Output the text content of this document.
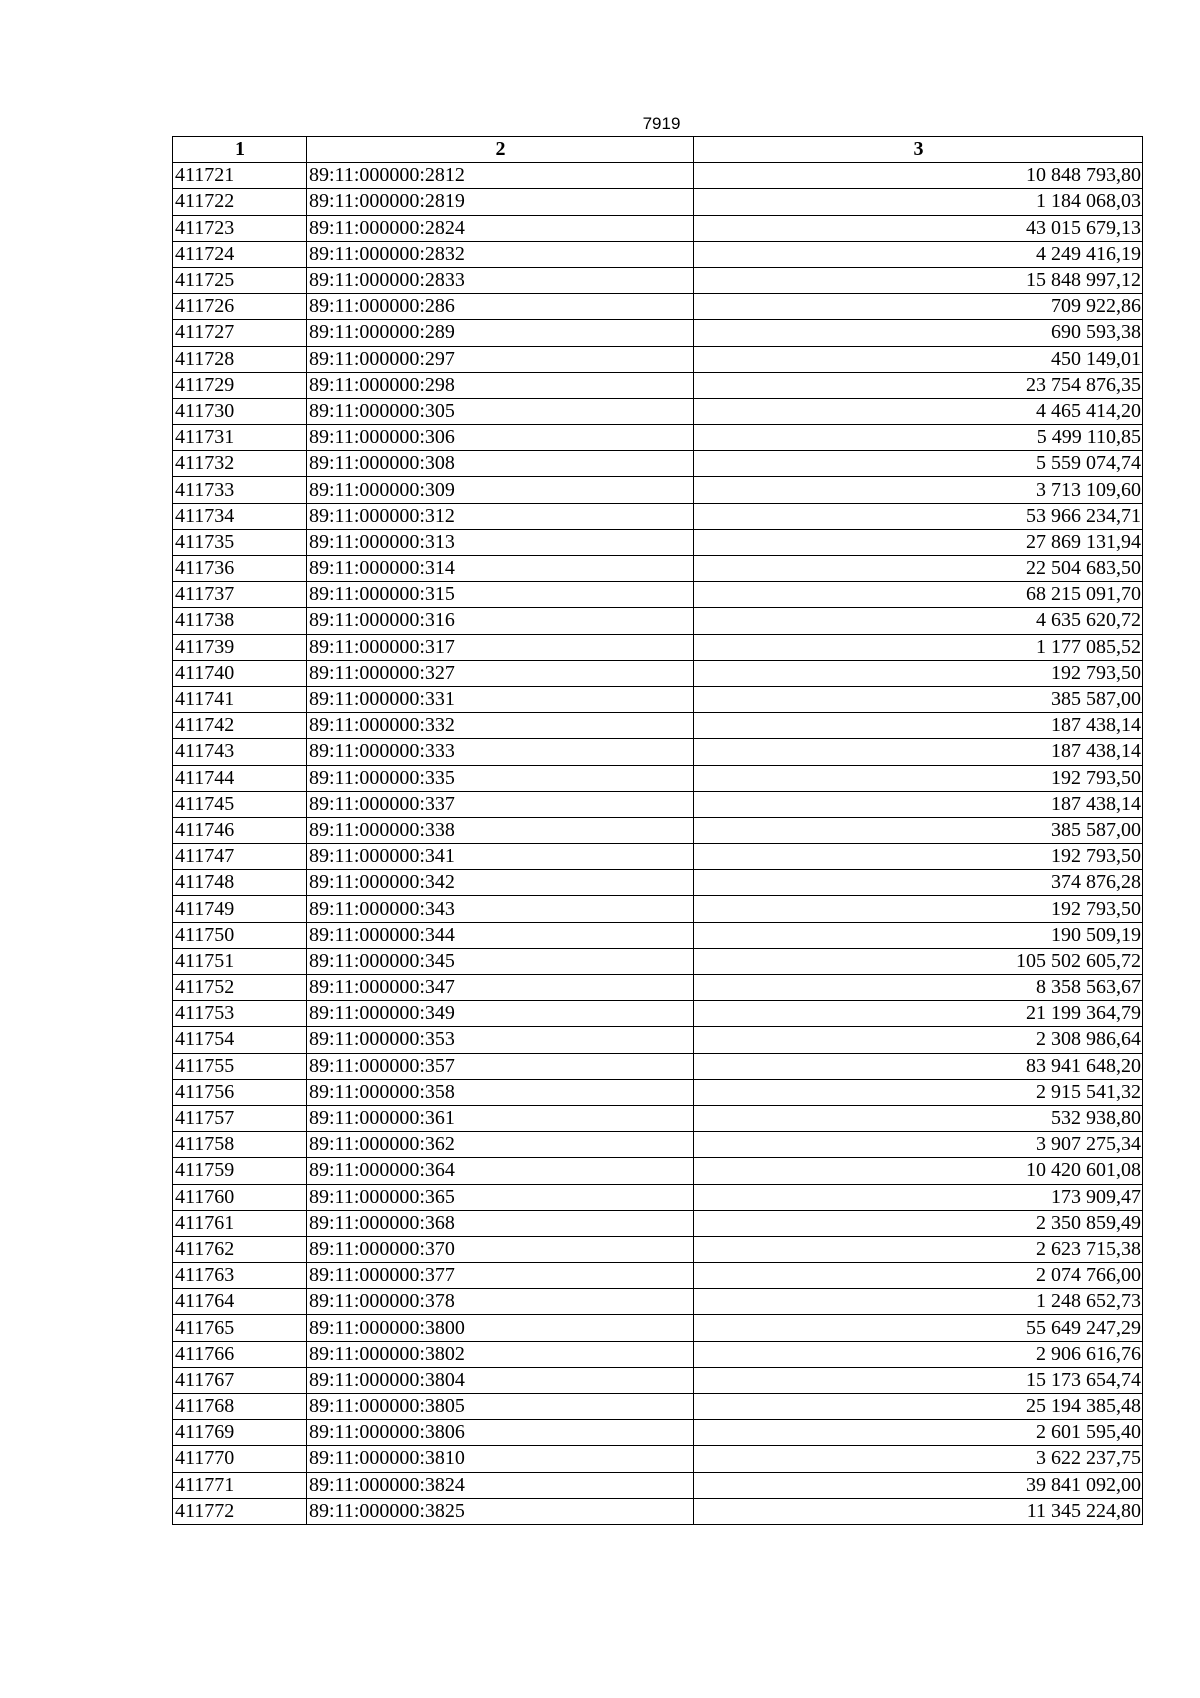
7919
1	2	3
411721	89:11:000000:2812	10 848 793,80
411722	89:11:000000:2819	1 184 068,03
411723	89:11:000000:2824	43 015 679,13
411724	89:11:000000:2832	4 249 416,19
411725	89:11:000000:2833	15 848 997,12
411726	89:11:000000:286	709 922,86
411727	89:11:000000:289	690 593,38
411728	89:11:000000:297	450 149,01
411729	89:11:000000:298	23 754 876,35
411730	89:11:000000:305	4 465 414,20
411731	89:11:000000:306	5 499 110,85
411732	89:11:000000:308	5 559 074,74
411733	89:11:000000:309	3 713 109,60
411734	89:11:000000:312	53 966 234,71
411735	89:11:000000:313	27 869 131,94
411736	89:11:000000:314	22 504 683,50
411737	89:11:000000:315	68 215 091,70
411738	89:11:000000:316	4 635 620,72
411739	89:11:000000:317	1 177 085,52
411740	89:11:000000:327	192 793,50
411741	89:11:000000:331	385 587,00
411742	89:11:000000:332	187 438,14
411743	89:11:000000:333	187 438,14
411744	89:11:000000:335	192 793,50
411745	89:11:000000:337	187 438,14
411746	89:11:000000:338	385 587,00
411747	89:11:000000:341	192 793,50
411748	89:11:000000:342	374 876,28
411749	89:11:000000:343	192 793,50
411750	89:11:000000:344	190 509,19
411751	89:11:000000:345	105 502 605,72
411752	89:11:000000:347	8 358 563,67
411753	89:11:000000:349	21 199 364,79
411754	89:11:000000:353	2 308 986,64
411755	89:11:000000:357	83 941 648,20
411756	89:11:000000:358	2 915 541,32
411757	89:11:000000:361	532 938,80
411758	89:11:000000:362	3 907 275,34
411759	89:11:000000:364	10 420 601,08
411760	89:11:000000:365	173 909,47
411761	89:11:000000:368	2 350 859,49
411762	89:11:000000:370	2 623 715,38
411763	89:11:000000:377	2 074 766,00
411764	89:11:000000:378	1 248 652,73
411765	89:11:000000:3800	55 649 247,29
411766	89:11:000000:3802	2 906 616,76
411767	89:11:000000:3804	15 173 654,74
411768	89:11:000000:3805	25 194 385,48
411769	89:11:000000:3806	2 601 595,40
411770	89:11:000000:3810	3 622 237,75
411771	89:11:000000:3824	39 841 092,00
411772	89:11:000000:3825	11 345 224,80
